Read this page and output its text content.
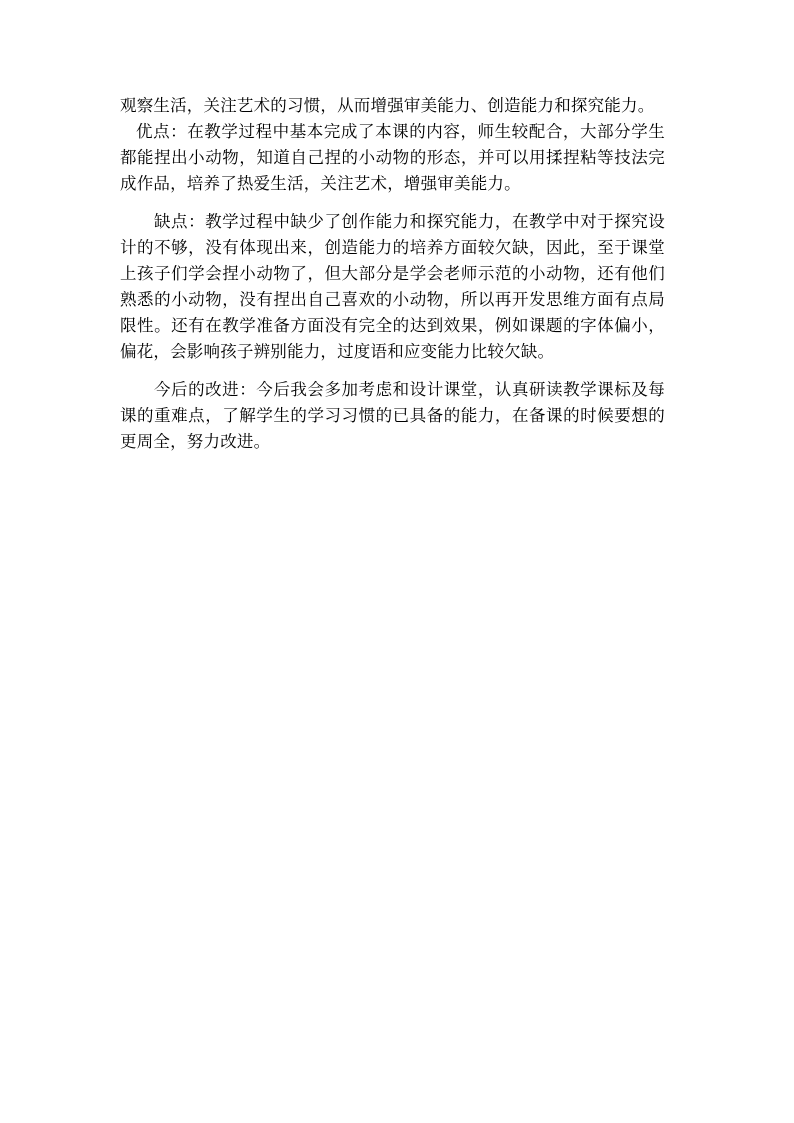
观察生活，关注艺术的习惯，从而增强审美能力、创造能力和探究能力。

优点：在教学过程中基本完成了本课的内容，师生较配合，大部分学生都能捏出小动物，知道自己捏的小动物的形态，并可以用揉捏粘等技法完成作品，培养了热爱生活，关注艺术，增强审美能力。

缺点：教学过程中缺少了创作能力和探究能力，在教学中对于探究设计的不够，没有体现出来，创造能力的培养方面较欠缺，因此，至于课堂上孩子们学会捏小动物了，但大部分是学会老师示范的小动物，还有他们熟悉的小动物，没有捏出自己喜欢的小动物，所以再开发思维方面有点局限性。还有在教学准备方面没有完全的达到效果，例如课题的字体偏小，偏花，会影响孩子辨别能力，过度语和应变能力比较欠缺。

今后的改进：今后我会多加考虑和设计课堂，认真研读教学课标及每课的重难点，了解学生的学习习惯的已具备的能力，在备课的时候要想的更周全，努力改进。
